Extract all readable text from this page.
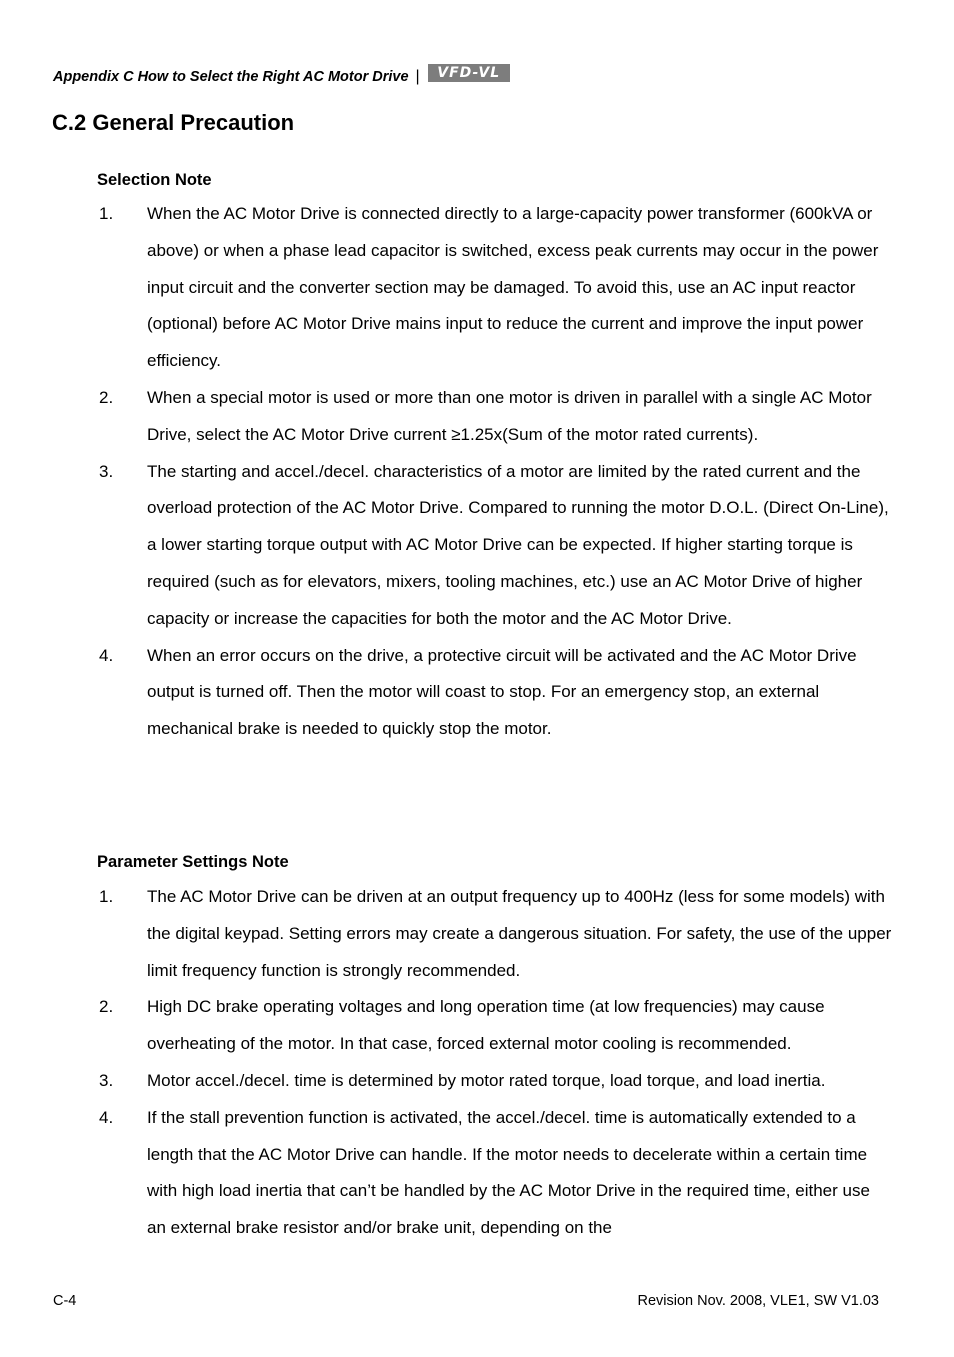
Appendix C How to Select the Right AC Motor Drive |	VFD-VL
C.2 General Precaution
Selection Note
1. When the AC Motor Drive is connected directly to a large-capacity power transformer (600kVA or above) or when a phase lead capacitor is switched, excess peak currents may occur in the power input circuit and the converter section may be damaged. To avoid this, use an AC input reactor (optional) before AC Motor Drive mains input to reduce the current and improve the input power efficiency.
2. When a special motor is used or more than one motor is driven in parallel with a single AC Motor Drive, select the AC Motor Drive current ≥1.25x(Sum of the motor rated currents).
3. The starting and accel./decel. characteristics of a motor are limited by the rated current and the overload protection of the AC Motor Drive. Compared to running the motor D.O.L. (Direct On-Line), a lower starting torque output with AC Motor Drive can be expected. If higher starting torque is required (such as for elevators, mixers, tooling machines, etc.) use an AC Motor Drive of higher capacity or increase the capacities for both the motor and the AC Motor Drive.
4. When an error occurs on the drive, a protective circuit will be activated and the AC Motor Drive output is turned off. Then the motor will coast to stop. For an emergency stop, an external mechanical brake is needed to quickly stop the motor.
Parameter Settings Note
1. The AC Motor Drive can be driven at an output frequency up to 400Hz (less for some models) with the digital keypad. Setting errors may create a dangerous situation. For safety, the use of the upper limit frequency function is strongly recommended.
2. High DC brake operating voltages and long operation time (at low frequencies) may cause overheating of the motor. In that case, forced external motor cooling is recommended.
3. Motor accel./decel. time is determined by motor rated torque, load torque, and load inertia.
4. If the stall prevention function is activated, the accel./decel. time is automatically extended to a length that the AC Motor Drive can handle. If the motor needs to decelerate within a certain time with high load inertia that can’t be handled by the AC Motor Drive in the required time, either use an external brake resistor and/or brake unit, depending on the
C-4	Revision Nov. 2008, VLE1, SW V1.03
